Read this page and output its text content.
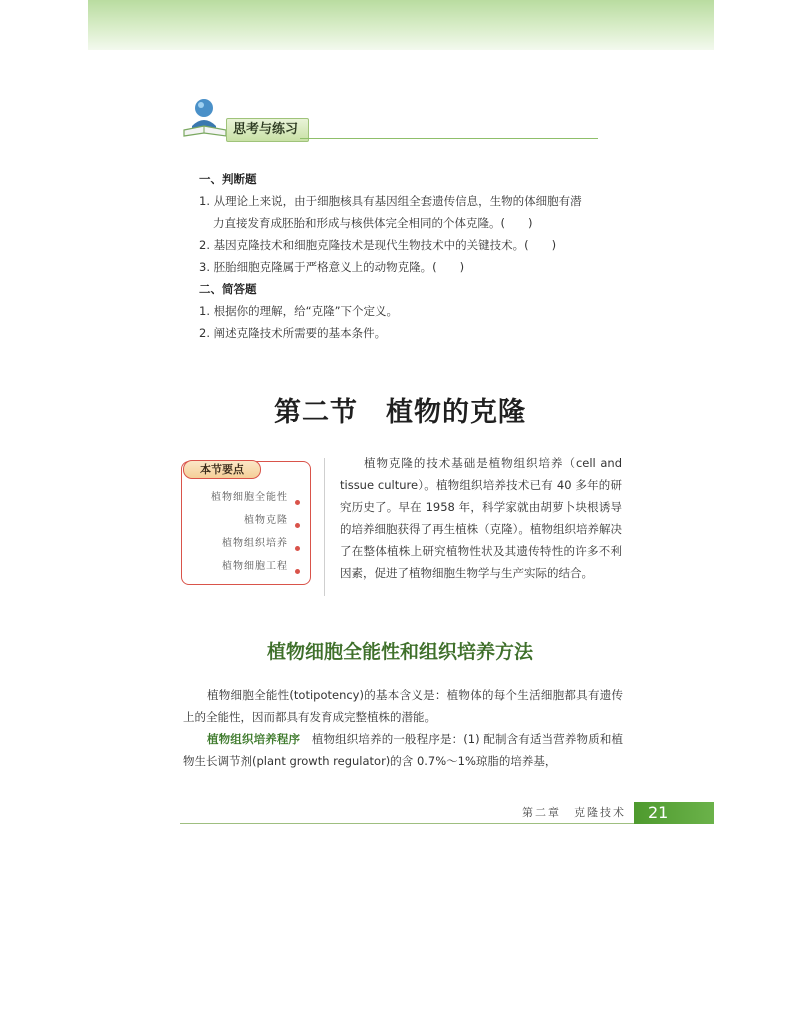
思考与练习
一、判断题
1. 从理论上来说，由于细胞核具有基因组全套遗传信息，生物的体细胞有潜
力直接发育成胚胎和形成与核供体完全相同的个体克隆。(　　)
2. 基因克隆技术和细胞克隆技术是现代生物技术中的关键技术。(　　)
3. 胚胎细胞克隆属于严格意义上的动物克隆。(　　)
二、简答题
1. 根据你的理解，给“克隆”下个定义。
2. 阐述克隆技术所需要的基本条件。
第二节　植物的克隆
本节要点
植物细胞全能性
植物克隆
植物组织培养
植物细胞工程
植物克隆的技术基础是植物组织培养（cell and tissue culture）。植物组织培养技术已有 40 多年的研究历史了。早在 1958 年，科学家就由胡萝卜块根诱导的培养细胞获得了再生植株（克隆）。植物组织培养解决了在整体植株上研究植物性状及其遗传特性的许多不利因素，促进了植物细胞生物学与生产实际的结合。
植物细胞全能性和组织培养方法
植物细胞全能性(totipotency)的基本含义是：植物体的每个生活细胞都具有遗传上的全能性，因而都具有发育成完整植株的潜能。
植物组织培养程序　植物组织培养的一般程序是：(1) 配制含有适当营养物质和植物生长调节剂(plant growth regulator)的含 0.7%～1%琼脂的培养基，
第二章　克隆技术	21
